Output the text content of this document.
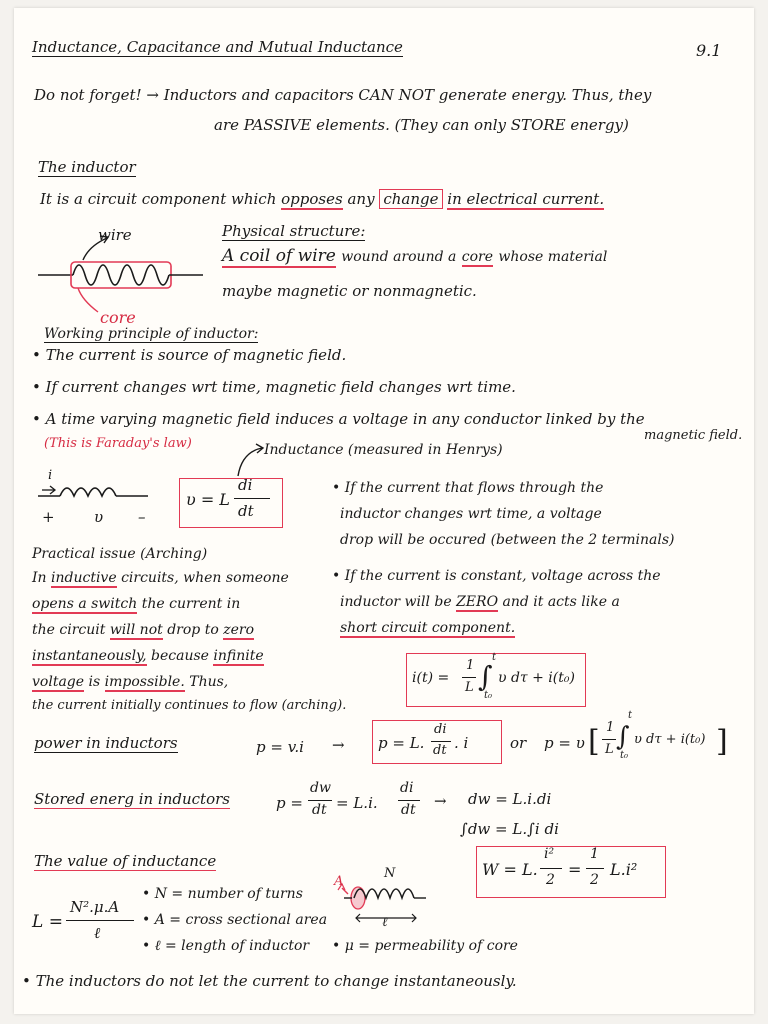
Inductance, Capacitance and Mutual Inductance	9.1
Do not forget! → Inductors and capacitors CAN NOT generate energy. Thus, they
are PASSIVE elements. (They can only STORE energy)
The inductor
It is a circuit component which opposes any change in electrical current.
wire
core
Physical structure:
A coil of wire wound around a core whose material
maybe magnetic or nonmagnetic.
Working principle of inductor:
• The current is source of magnetic field.
• If current changes wrt time, magnetic field changes wrt time.
• A time varying magnetic field induces a voltage in any conductor linked by the
(This is Faraday's law)
magnetic field.
i
+	υ –
υ = L
di
dt
Inductance (measured in Henrys)
• If the current that flows through the
inductor changes wrt time, a voltage
drop will be occured (between the 2 terminals)
• If the current is constant, voltage across the
inductor will be ZERO and it acts like a
short circuit component.
Practical issue (Arching)
In inductive circuits, when someone
opens a switch the current in
the circuit will not drop to zero
instantaneously, because infinite
voltage is impossible. Thus,
the current initially continues to flow (arching).
i(t) =
1
L ∫
t
t₀
υ dτ + i(t₀)
power in inductors	p = v.i → p = L.
di
dt . i	or p = υ [ 1
L ∫
t
t₀
υ dτ + i(t₀) ]
Stored energ in inductors	p =
dw
dt = L.i.
di
dt → dw = L.i.di
∫dw = L.∫i di
W = L.
i²
2
=
1
2
L.i²
The value of inductance
L =
N².μ.A
ℓ
• N = number of turns
• A = cross sectional area
• ℓ = length of inductor • μ = permeability of core
N
A
ℓ
• The inductors do not let the current to change instantaneously.
